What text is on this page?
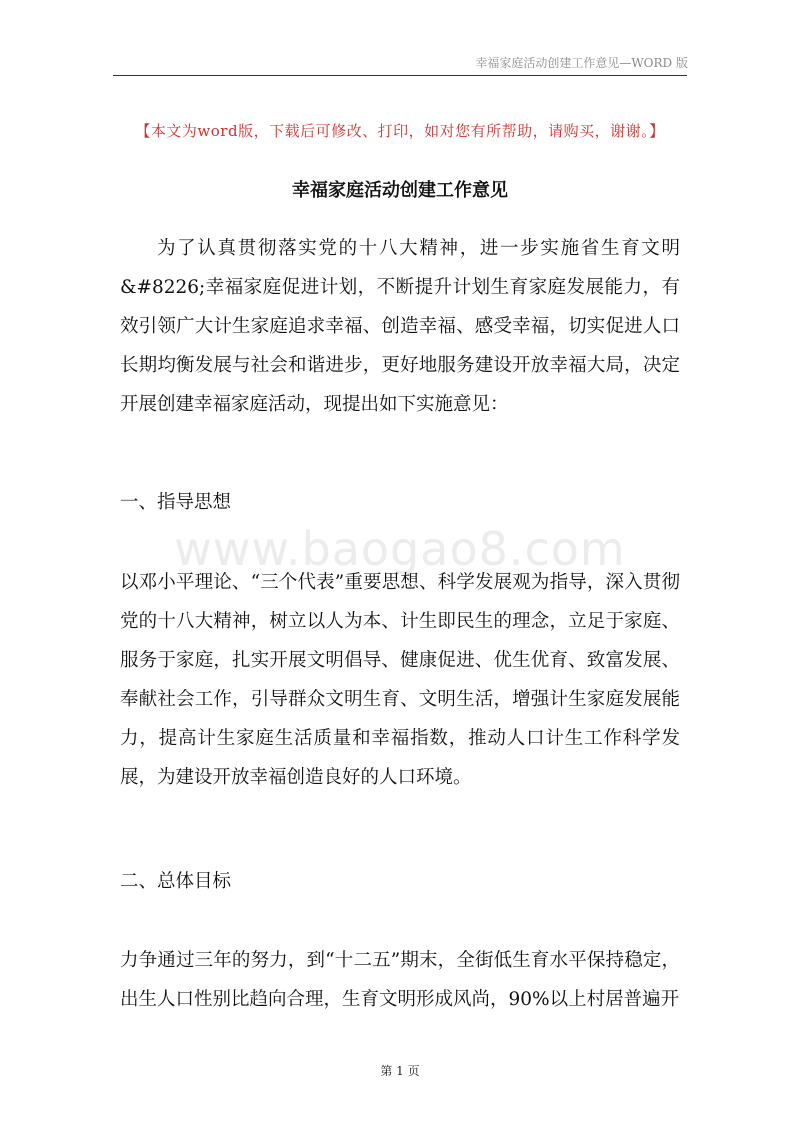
幸福家庭活动创建工作意见—WORD 版
【本文为word版，下载后可修改、打印，如对您有所帮助，请购买，谢谢。】
幸福家庭活动创建工作意见

为了认真贯彻落实党的十八大精神，进一步实施省生育文明&#8226;幸福家庭促进计划，不断提升计划生育家庭发展能力，有效引领广大计生家庭追求幸福、创造幸福、感受幸福，切实促进人口长期均衡发展与社会和谐进步，更好地服务建设开放幸福大局，决定开展创建幸福家庭活动，现提出如下实施意见：

一、指导思想
www.baogao8.com

以邓小平理论、“三个代表”重要思想、科学发展观为指导，深入贯彻党的十八大精神，树立以人为本、计生即民生的理念，立足于家庭、服务于家庭，扎实开展文明倡导、健康促进、优生优育、致富发展、奉献社会工作，引导群众文明生育、文明生活，增强计生家庭发展能力，提高计生家庭生活质量和幸福指数，推动人口计生工作科学发展，为建设开放幸福创造良好的人口环境。

二、总体目标

力争通过三年的努力，到“十二五”期末，全街低生育水平保持稳定，出生人口性别比趋向合理，生育文明形成风尚，90%以上村居普遍开

第 1 页
